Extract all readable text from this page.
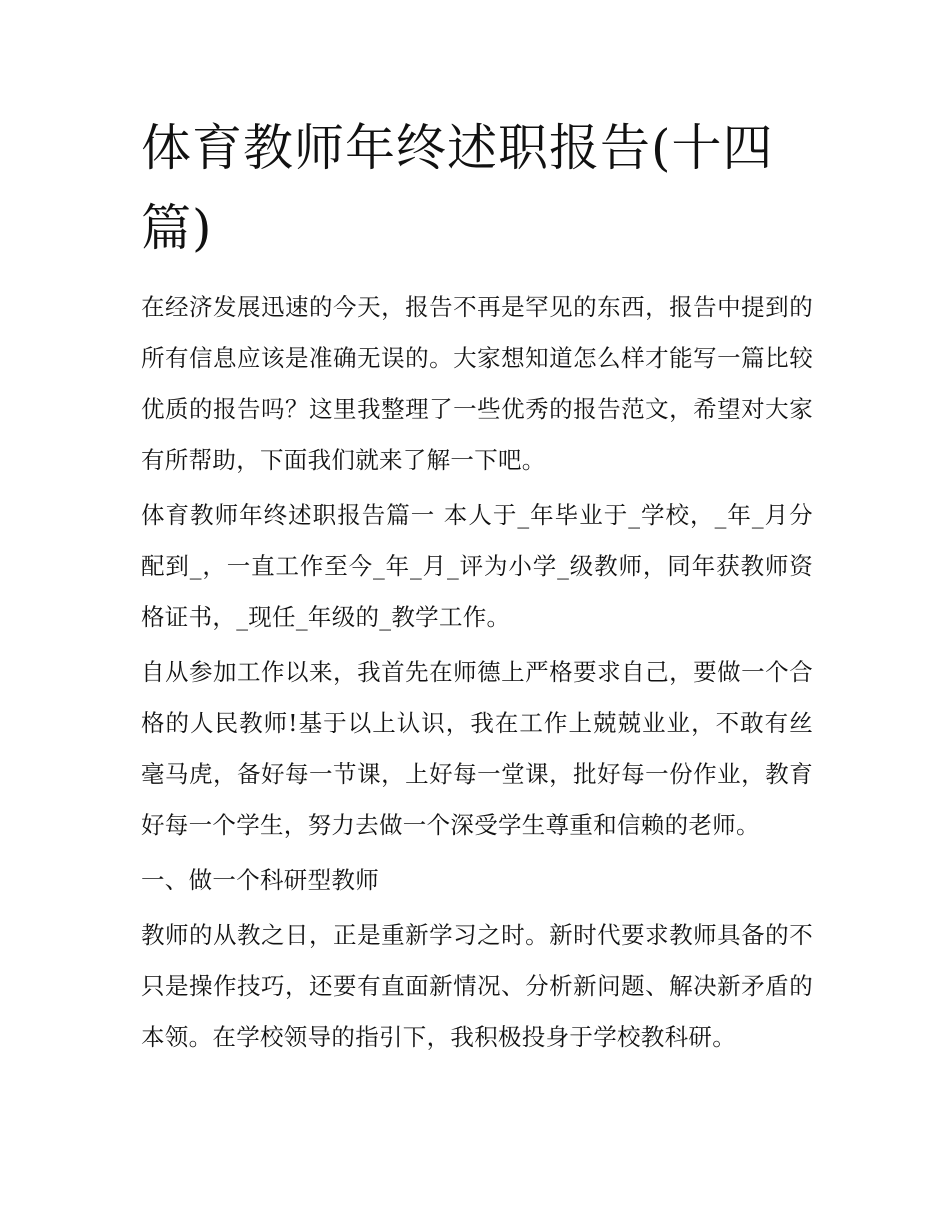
体育教师年终述职报告(十四篇)

在经济发展迅速的今天，报告不再是罕见的东西，报告中提到的所有信息应该是准确无误的。大家想知道怎么样才能写一篇比较优质的报告吗？这里我整理了一些优秀的报告范文，希望对大家有所帮助，下面我们就来了解一下吧。

体育教师年终述职报告篇一 本人于_年毕业于_学校，_年_月分配到_，一直工作至今_年_月_评为小学_级教师，同年获教师资格证书，_现任_年级的_教学工作。

自从参加工作以来，我首先在师德上严格要求自己，要做一个合格的人民教师!基于以上认识，我在工作上兢兢业业，不敢有丝毫马虎，备好每一节课，上好每一堂课，批好每一份作业，教育好每一个学生，努力去做一个深受学生尊重和信赖的老师。

一、做一个科研型教师

教师的从教之日，正是重新学习之时。新时代要求教师具备的不只是操作技巧，还要有直面新情况、分析新问题、解决新矛盾的本领。在学校领导的指引下，我积极投身于学校教科研。
